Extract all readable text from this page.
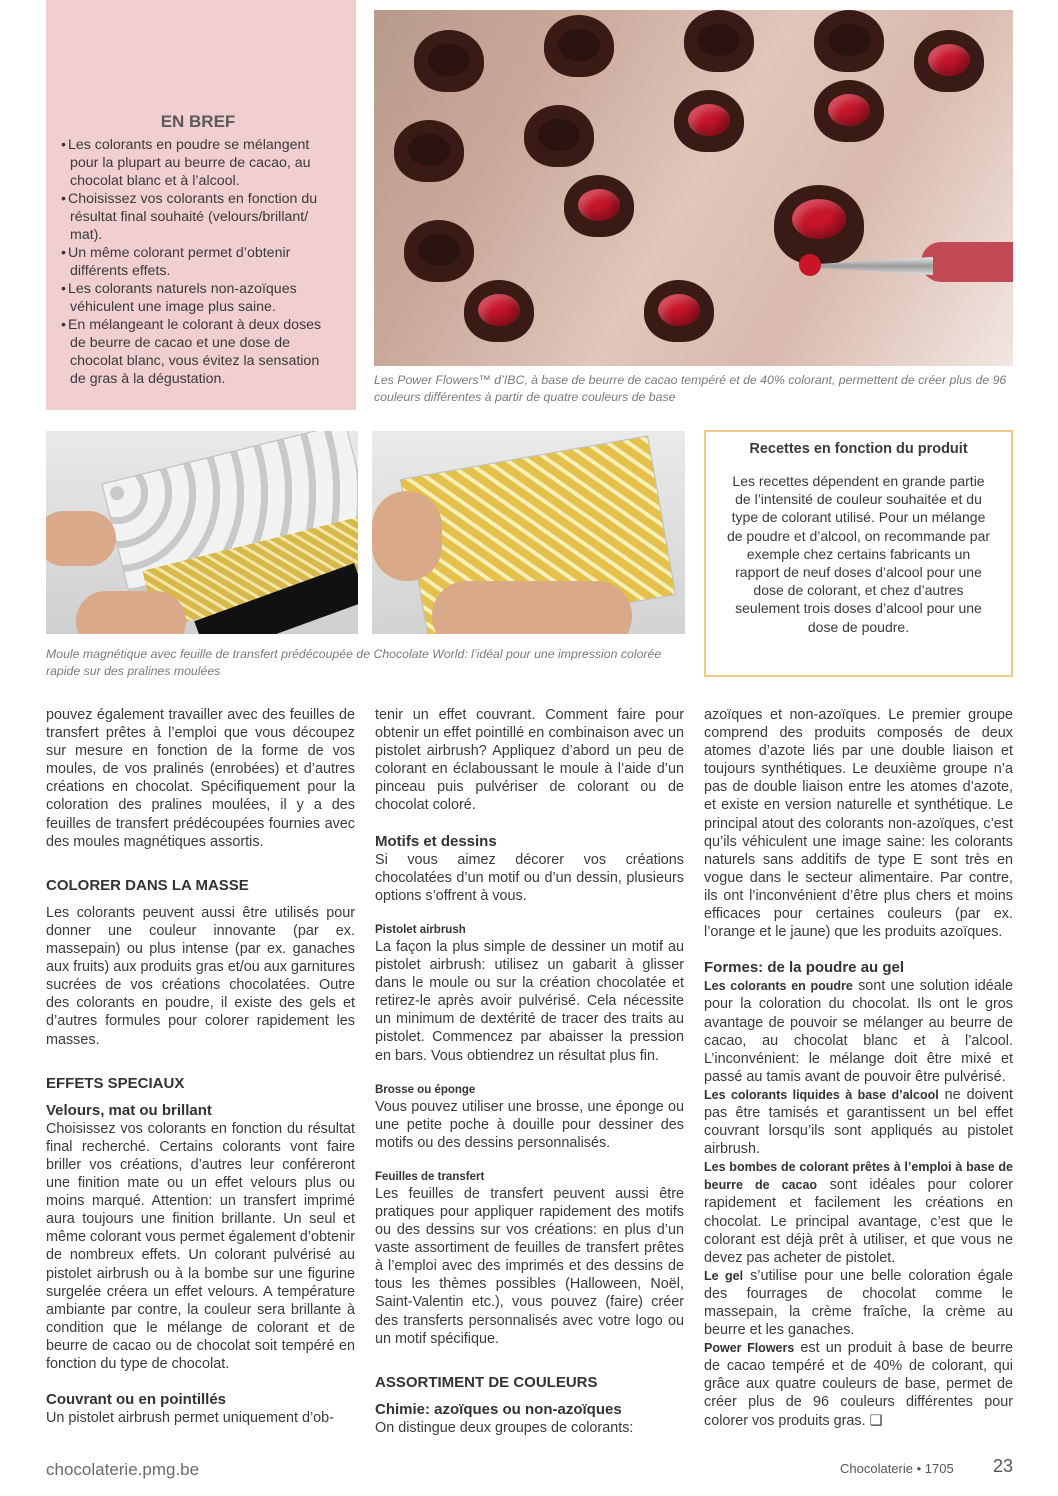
EN BREF
• Les colorants en poudre se mélangent pour la plupart au beurre de cacao, au chocolat blanc et à l’alcool.
• Choisissez vos colorants en fonction du résultat final souhaité (velours/brillant/ mat).
• Un même colorant permet d’obtenir différents effets.
• Les colorants naturels non-azoïques véhiculent une image plus saine.
• En mélangeant le colorant à deux doses de beurre de cacao et une dose de chocolat blanc, vous évitez la sensation de gras à la dégustation.	Les Power Flowers™ d’IBC, à base de beurre de cacao tempéré et de 40% colorant, permettent de créer plus de 96 couleurs différentes à partir de quatre couleurs de base
Moule magnétique avec feuille de transfert prédécoupée de Chocolate World: l’idéal pour une impression colorée rapide sur des pralines moulées
Recettes en fonction du produit

Les recettes dépendent en grande partie de l’intensité de couleur souhaitée et du type de colorant utilisé. Pour un mélange de poudre et d’alcool, on recommande par exemple chez certains fabricants un rapport de neuf doses d’alcool pour une dose de colorant, et chez d’autres seulement trois doses d’alcool pour une dose de poudre.

pouvez également travailler avec des feuilles de transfert prêtes à l’emploi que vous découpez sur mesure en fonction de la forme de vos moules, de vos pralinés (enrobées) et d’autres créations en chocolat. Spécifiquement pour la coloration des pralines moulées, il y a des feuilles de transfert prédécoupées fournies avec des moules magnétiques assortis.

COLORER DANS LA MASSE

Les colorants peuvent aussi être utilisés pour donner une couleur innovante (par ex. massepain) ou plus intense (par ex. ganaches aux fruits) aux produits gras et/ou aux garnitures sucrées de vos créations chocolatées. Outre des colorants en poudre, il existe des gels et d’autres formules pour colorer rapidement les masses.

EFFETS SPECIAUX

Velours, mat ou brillant

Choisissez vos colorants en fonction du résultat final recherché. Certains colorants vont faire briller vos créations, d’autres leur conféreront une finition mate ou un effet velours plus ou moins marqué. Attention: un transfert imprimé aura toujours une finition brillante. Un seul et même colorant vous permet également d’obtenir de nombreux effets. Un colorant pulvérisé au pistolet airbrush ou à la bombe sur une figurine surgelée créera un effet velours. A température ambiante par contre, la couleur sera brillante à condition que le mélange de colorant et de beurre de cacao ou de chocolat soit tempéré en fonction du type de chocolat.

Couvrant ou en pointillés

Un pistolet airbrush permet uniquement d’ob-

tenir un effet couvrant. Comment faire pour obtenir un effet pointillé en combinaison avec un pistolet airbrush? Appliquez d’abord un peu de colorant en éclaboussant le moule à l’aide d’un pinceau puis pulvériser de colorant ou de chocolat coloré.

Motifs et dessins

Si vous aimez décorer vos créations chocolatées d’un motif ou d’un dessin, plusieurs options s’offrent à vous.

Pistolet airbrush

La façon la plus simple de dessiner un motif au pistolet airbrush: utilisez un gabarit à glisser dans le moule ou sur la création chocolatée et retirez-le après avoir pulvérisé. Cela nécessite un minimum de dextérité de tracer des traits au pistolet. Commencez par abaisser la pression en bars. Vous obtiendrez un résultat plus fin.

Brosse ou éponge

Vous pouvez utiliser une brosse, une éponge ou une petite poche à douille pour dessiner des motifs ou des dessins personnalisés.

Feuilles de transfert

Les feuilles de transfert peuvent aussi être pratiques pour appliquer rapidement des motifs ou des dessins sur vos créations: en plus d’un vaste assortiment de feuilles de transfert prêtes à l’emploi avec des imprimés et des dessins de tous les thèmes possibles (Halloween, Noël, Saint-Valentin etc.), vous pouvez (faire) créer des transferts personnalisés avec votre logo ou un motif spécifique.

ASSORTIMENT DE COULEURS

Chimie: azoïques ou non-azoïques

On distingue deux groupes de colorants:

azoïques et non-azoïques. Le premier groupe comprend des produits composés de deux atomes d’azote liés par une double liaison et toujours synthétiques. Le deuxième groupe n’a pas de double liaison entre les atomes d’azote, et existe en version naturelle et synthétique. Le principal atout des colorants non-azoïques, c’est qu’ils véhiculent une image saine: les colorants naturels sans additifs de type E sont très en vogue dans le secteur alimentaire. Par contre, ils ont l’inconvénient d’être plus chers et moins efficaces pour certaines couleurs (par ex. l’orange et le jaune) que les produits azoïques.

Formes: de la poudre au gel

Les colorants en poudre sont une solution idéale pour la coloration du chocolat. Ils ont le gros avantage de pouvoir se mélanger au beurre de cacao, au chocolat blanc et à l’alcool. L’inconvénient: le mélange doit être mixé et passé au tamis avant de pouvoir être pulvérisé.

Les colorants liquides à base d’alcool ne doivent pas être tamisés et garantissent un bel effet couvrant lorsqu’ils sont appliqués au pistolet airbrush.

Les bombes de colorant prêtes à l’emploi à base de beurre de cacao sont idéales pour colorer rapidement et facilement les créations en chocolat. Le principal avantage, c’est que le colorant est déjà prêt à utiliser, et que vous ne devez pas acheter de pistolet.

Le gel s’utilise pour une belle coloration égale des fourrages de chocolat comme le massepain, la crème fraîche, la crème au beurre et les ganaches.

Power Flowers est un produit à base de beurre de cacao tempéré et de 40% de colorant, qui grâce aux quatre couleurs de base, permet de créer plus de 96 couleurs différentes pour colorer vos produits gras. ❑

chocolaterie.pmg.be	Chocolaterie • 1705 23
